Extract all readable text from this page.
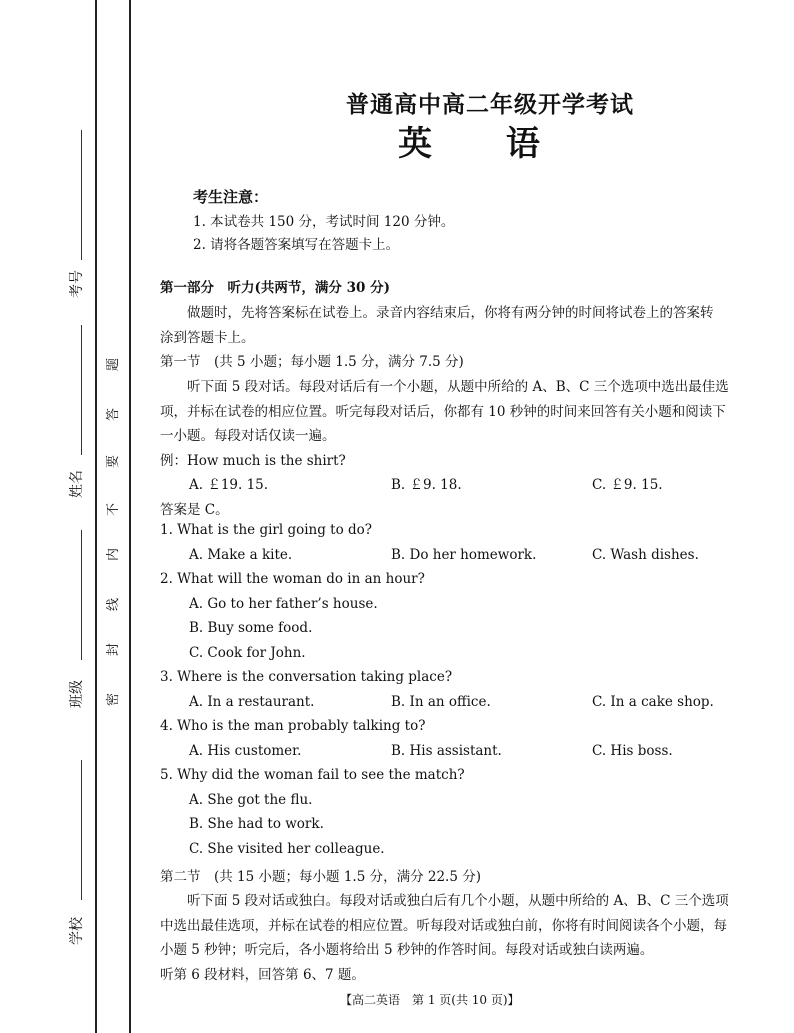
考号
姓名
班级
学校
题
答
要
不
内
线
封
密
普通高中高二年级开学考试
英 语
考生注意：
1. 本试卷共 150 分，考试时间 120 分钟。
2. 请将各题答案填写在答题卡上。
第一部分　听力(共两节，满分 30 分)
做题时，先将答案标在试卷上。录音内容结束后，你将有两分钟的时间将试卷上的答案转
涂到答题卡上。
第一节　(共 5 小题；每小题 1.5 分，满分 7.5 分)
听下面 5 段对话。每段对话后有一个小题，从题中所给的 A、B、C 三个选项中选出最佳选
项，并标在试卷的相应位置。听完每段对话后，你都有 10 秒钟的时间来回答有关小题和阅读下
一小题。每段对话仅读一遍。
例：How much is the shirt?
A. ￡19. 15.	B. ￡9. 18.	C. ￡9. 15.
答案是 C。
1. What is the girl going to do?
A. Make a kite.	B. Do her homework.	C. Wash dishes.
2. What will the woman do in an hour?
A. Go to her father’s house.
B. Buy some food.
C. Cook for John.
3. Where is the conversation taking place?
A. In a restaurant.	B. In an office.	C. In a cake shop.
4. Who is the man probably talking to?
A. His customer.	B. His assistant.	C. His boss.
5. Why did the woman fail to see the match?
A. She got the flu.
B. She had to work.
C. She visited her colleague.
第二节　(共 15 小题；每小题 1.5 分，满分 22.5 分)
听下面 5 段对话或独白。每段对话或独白后有几个小题，从题中所给的 A、B、C 三个选项
中选出最佳选项，并标在试卷的相应位置。听每段对话或独白前，你将有时间阅读各个小题，每
小题 5 秒钟；听完后，各小题将给出 5 秒钟的作答时间。每段对话或独白读两遍。
听第 6 段材料，回答第 6、7 题。
【高二英语　第 1 页(共 10 页)】
